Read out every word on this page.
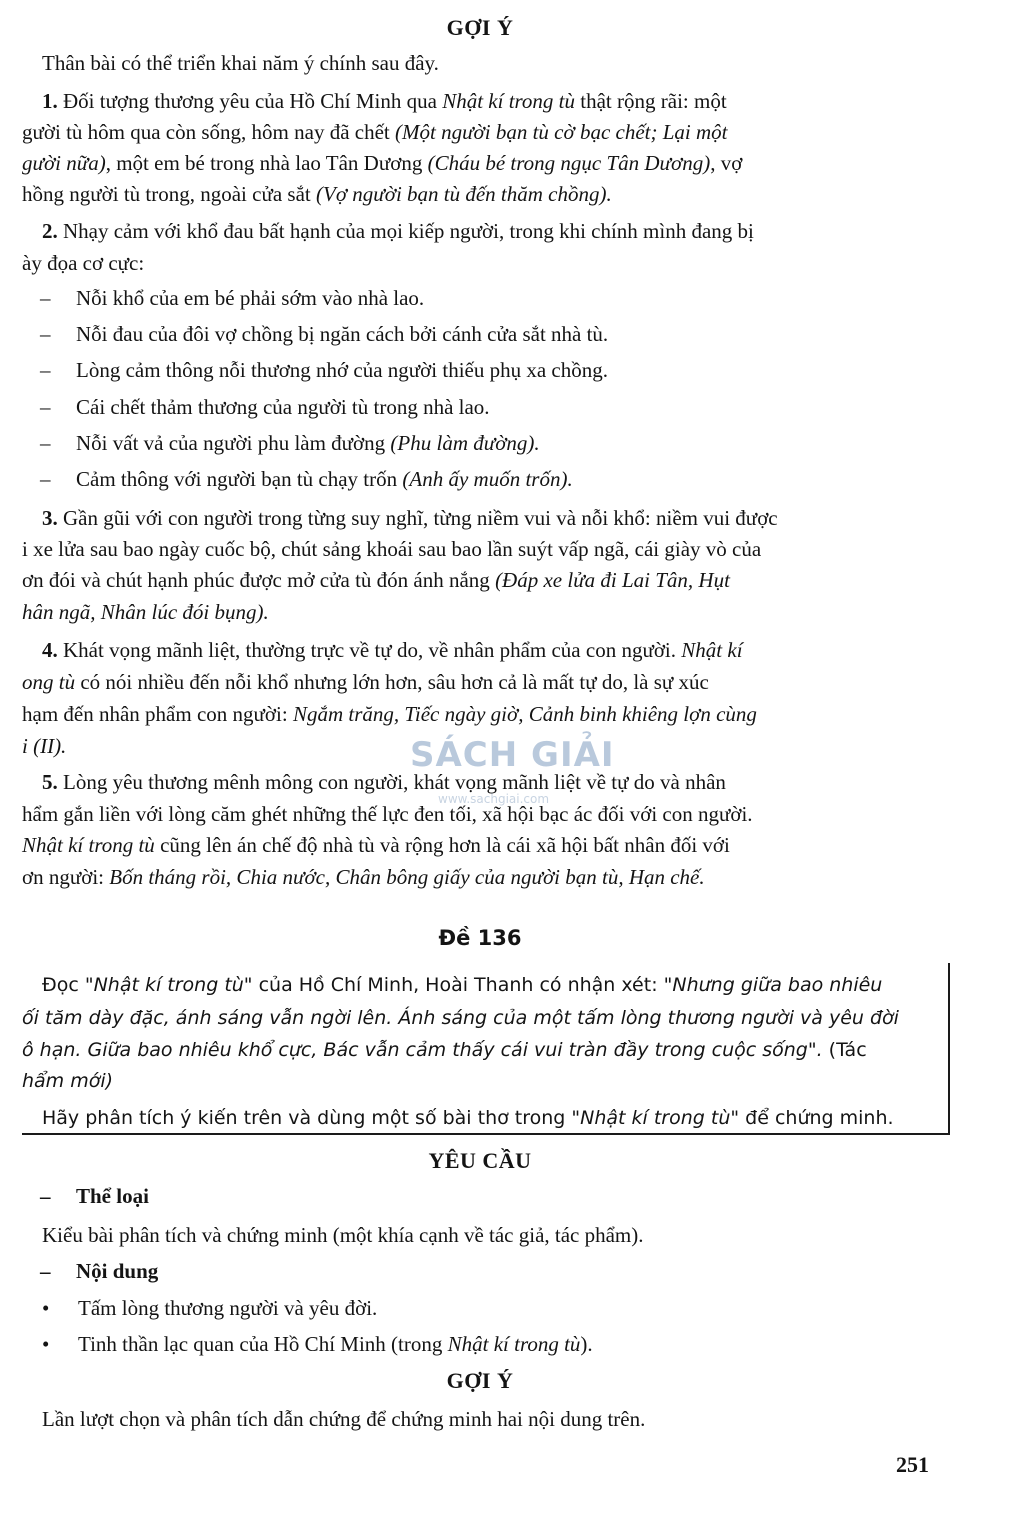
GỢI Ý
Thân bài có thể triển khai năm ý chính sau đây.
1. Đối tượng thương yêu của Hồ Chí Minh qua Nhật kí trong tù thật rộng rãi: một
gười tù hôm qua còn sống, hôm nay đã chết (Một người bạn tù cờ bạc chết; Lại một
gười nữa), một em bé trong nhà lao Tân Dương (Cháu bé trong ngục Tân Dương), vợ
hồng người tù trong, ngoài cửa sắt (Vợ người bạn tù đến thăm chồng).
2. Nhạy cảm với khổ đau bất hạnh của mọi kiếp người, trong khi chính mình đang bị
ày đọa cơ cực:
– Nỗi khổ của em bé phải sớm vào nhà lao.
– Nỗi đau của đôi vợ chồng bị ngăn cách bởi cánh cửa sắt nhà tù.
– Lòng cảm thông nỗi thương nhớ của người thiếu phụ xa chồng.
– Cái chết thảm thương của người tù trong nhà lao.
– Nỗi vất vả của người phu làm đường (Phu làm đường).
– Cảm thông với người bạn tù chạy trốn (Anh ấy muốn trốn).
3. Gần gũi với con người trong từng suy nghĩ, từng niềm vui và nỗi khổ: niềm vui được
i xe lửa sau bao ngày cuốc bộ, chút sảng khoái sau bao lần suýt vấp ngã, cái giày vò của
ơn đói và chút hạnh phúc được mở cửa tù đón ánh nắng (Đáp xe lửa đi Lai Tân, Hụt
hân ngã, Nhân lúc đói bụng).
4. Khát vọng mãnh liệt, thường trực về tự do, về nhân phẩm của con người. Nhật kí
ong tù có nói nhiều đến nỗi khổ nhưng lớn hơn, sâu hơn cả là mất tự do, là sự xúc
hạm đến nhân phẩm con người: Ngắm trăng, Tiếc ngày giờ, Cảnh binh khiêng lợn cùng
i (II).	SÁCH GIẢI
www.sachgiai.com
5. Lòng yêu thương mênh mông con người, khát vọng mãnh liệt về tự do và nhân
hẩm gắn liền với lòng căm ghét những thế lực đen tối, xã hội bạc ác đối với con người.
Nhật kí trong tù cũng lên án chế độ nhà tù và rộng hơn là cái xã hội bất nhân đối với
ơn người: Bốn tháng rồi, Chia nước, Chân bông giấy của người bạn tù, Hạn chế.
Đề 136
Đọc "Nhật kí trong tù" của Hồ Chí Minh, Hoài Thanh có nhận xét: "Nhưng giữa bao nhiêu
ối tăm dày đặc, ánh sáng vẫn ngời lên. Ánh sáng của một tấm lòng thương người và yêu đời
ô hạn. Giữa bao nhiêu khổ cực, Bác vẫn cảm thấy cái vui tràn đầy trong cuộc sống". (Tác
hẩm mới)
Hãy phân tích ý kiến trên và dùng một số bài thơ trong "Nhật kí trong tù" để chứng minh.
YÊU CẦU
– Thể loại
Kiểu bài phân tích và chứng minh (một khía cạnh về tác giả, tác phẩm).
– Nội dung
• Tấm lòng thương người và yêu đời.
• Tinh thần lạc quan của Hồ Chí Minh (trong Nhật kí trong tù).
GỢI Ý
Lần lượt chọn và phân tích dẫn chứng để chứng minh hai nội dung trên.
251
